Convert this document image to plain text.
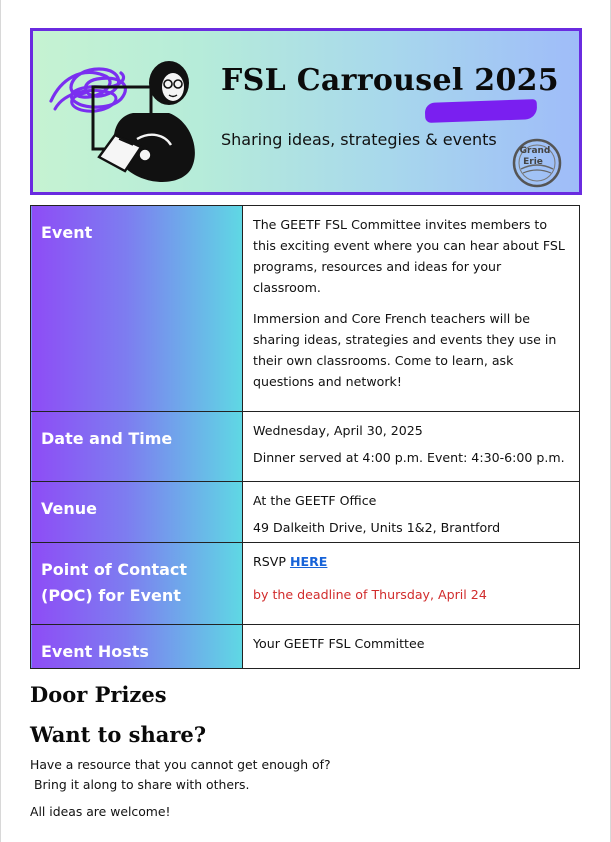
FSL Carrousel 2025
Sharing ideas, strategies & events
Grand
Erie
Event	The GEETF FSL Committee invites members to this exciting event where you can hear about FSL programs, resources and ideas for your classroom.

Immersion and Core French teachers will be sharing ideas, strategies and events they use in their own classrooms. Come to learn, ask questions and network!

Date and Time	Wednesday, April 30, 2025

Dinner served at 4:00 p.m. Event: 4:30-6:00 p.m.

Venue	At the GEETF Office

49 Dalkeith Drive, Units 1&2, Brantford

Point of Contact (POC) for Event	RSVP HERE

by the deadline of Thursday, April 24

Event Hosts	Your GEETF FSL Committee
Door Prizes
Want to share?

Have a resource that you cannot get enough of?

Bring it along to share with others.

All ideas are welcome!
